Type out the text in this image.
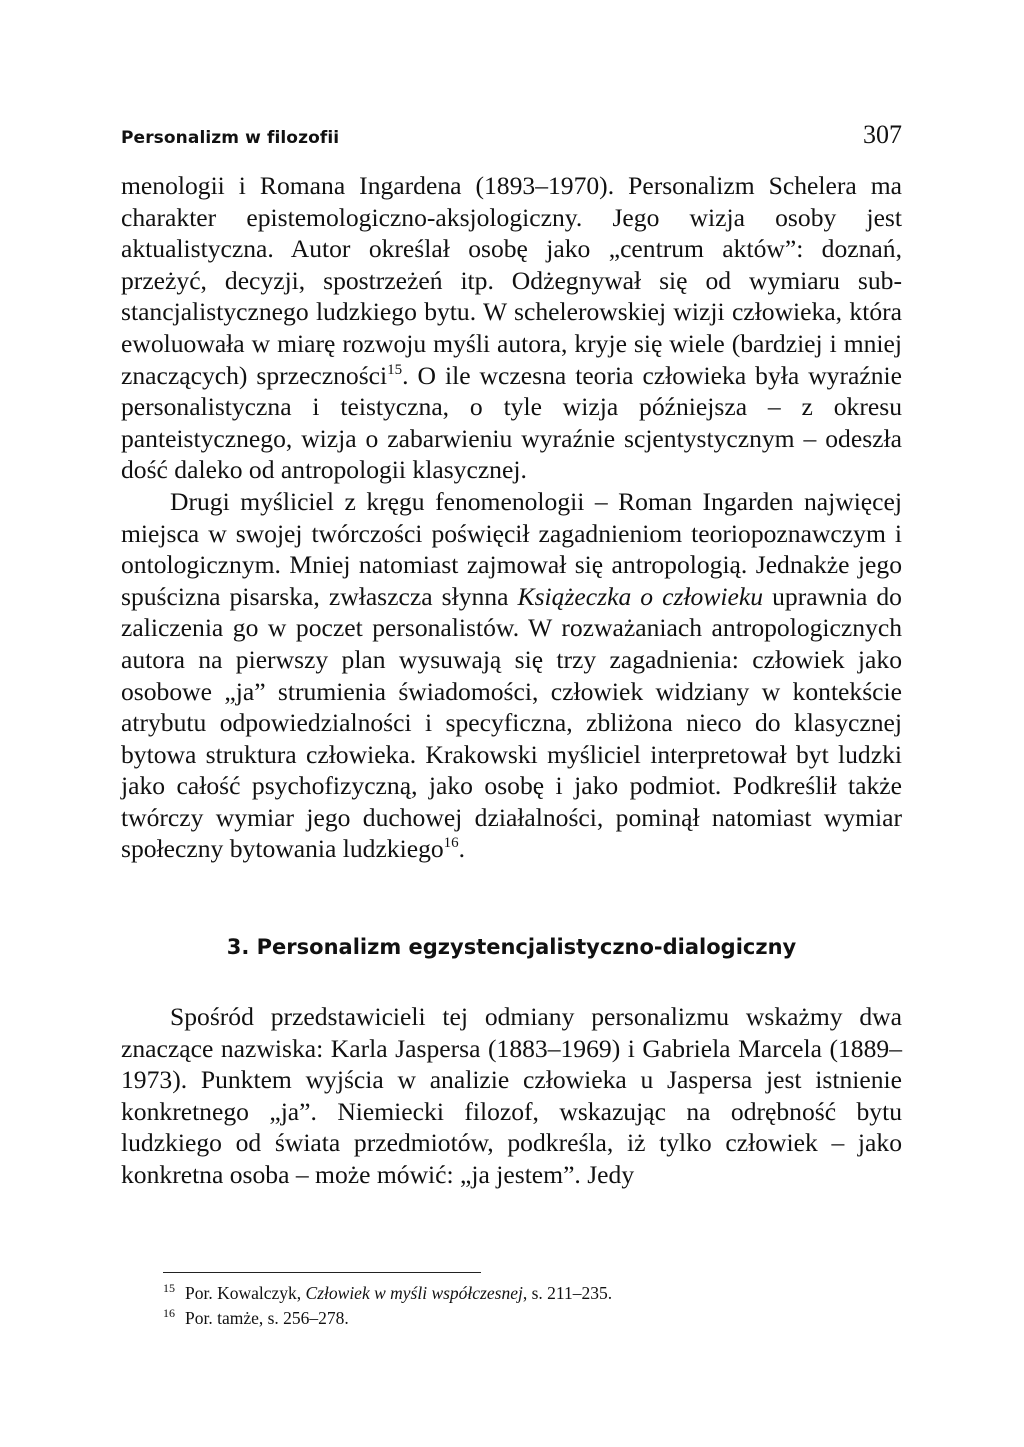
Personalizm w filozofii	307

menologii i Romana Ingardena (1893–1970). Personalizm Schelera ma charakter epistemologiczno-aksjologiczny. Jego wizja osoby jest aktualistyczna. Autor określał osobę jako „centrum aktów”: doznań, przeżyć, decyzji, spostrzeżeń itp. Odżegnywał się od wymiaru substancjalistycznego ludzkiego bytu. W schelerowskiej wizji człowieka, która ewoluowała w miarę rozwoju myśli autora, kryje się wiele (bardziej i mniej znaczących) sprzeczności$^{15}$. O ile wczesna teoria człowieka była wyraźnie personalistyczna i teistyczna, o tyle wizja późniejsza – z okresu panteistycznego, wizja o zabarwieniu wyraźnie scjentystycznym – odeszła dość daleko od antropologii klasycznej.

Drugi myśliciel z kręgu fenomenologii – Roman Ingarden najwięcej miejsca w swojej twórczości poświęcił zagadnieniom teoriopoznawczym i ontologicznym. Mniej natomiast zajmował się antropologią. Jednakże jego spuścizna pisarska, zwłaszcza słynna Książeczka o człowieku uprawnia do zaliczenia go w poczet personalistów. W rozważaniach antropologicznych autora na pierwszy plan wysuwają się trzy zagadnienia: człowiek jako osobowe „ja” strumienia świadomości, człowiek widziany w kontekście atrybutu odpowiedzialności i specyficzna, zbliżona nieco do klasycznej bytowa struktura człowieka. Krakowski myśliciel interpretował byt ludzki jako całość psychofizyczną, jako osobę i jako podmiot. Podkreślił także twórczy wymiar jego duchowej działalności, pominął natomiast wymiar społeczny bytowania ludzkiego$^{16}$.

3. Personalizm egzystencjalistyczno-dialogiczny

Spośród przedstawicieli tej odmiany personalizmu wskażmy dwa znaczące nazwiska: Karla Jaspersa (1883–1969) i Gabriela Marcela (1889–1973). Punktem wyjścia w analizie człowieka u Jaspersa jest istnienie konkretnego „ja”. Niemiecki filozof, wskazując na odrębność bytu ludzkiego od świata przedmiotów, podkreśla, iż tylko człowiek – jako konkretna osoba – może mówić: „ja jestem”. Jedy

$^{15}$ Por. Kowalczyk, Człowiek w myśli współczesnej, s. 211–235.
$^{16}$ Por. tamże, s. 256–278.
